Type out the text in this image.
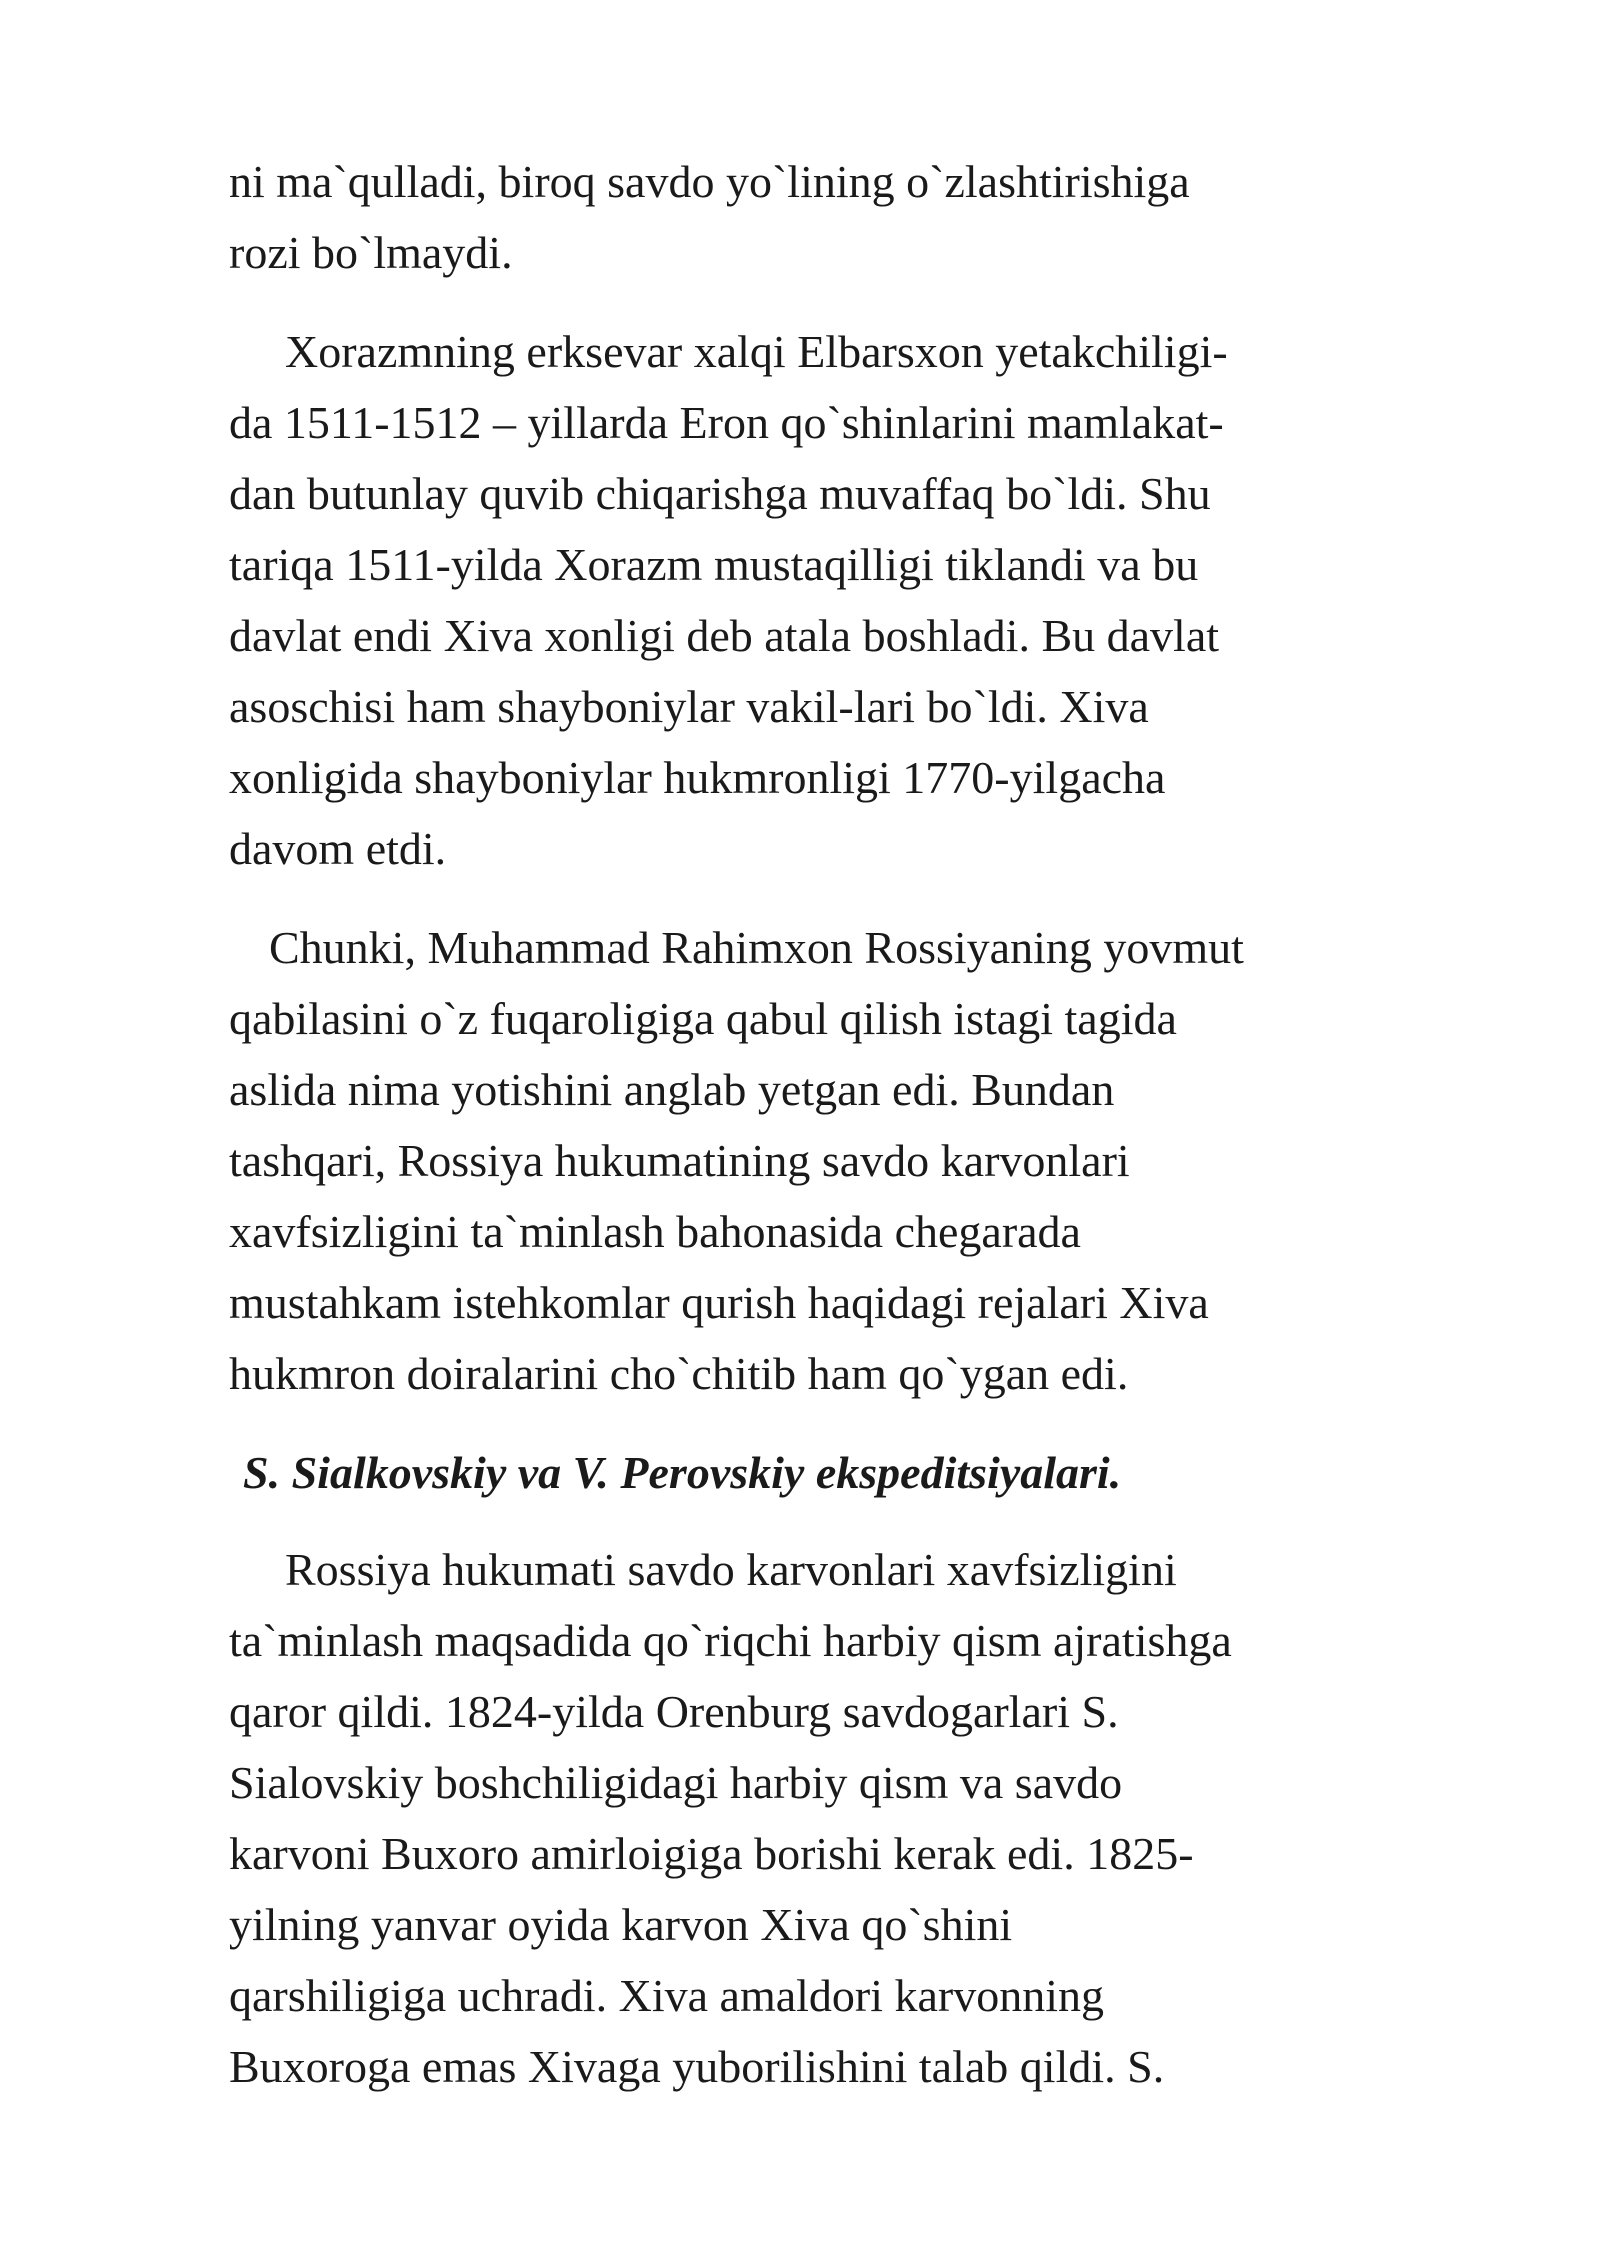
ni ma`qulladi, biroq savdo yo`lining o`zlashtirishiga
rozi bo`lmaydi.
Xorazmning erksevar xalqi Elbarsxon yetakchiligi-
da 1511-1512 – yillarda Eron qo`shinlarini mamlakat-
dan butunlay quvib chiqarishga muvaffaq bo`ldi. Shu
tariqa 1511-yilda Xorazm mustaqilligi tiklandi va bu
davlat endi Xiva xonligi deb atala boshladi. Bu davlat
asoschisi ham shayboniylar vakil-lari bo`ldi. Xiva
xonligida shayboniylar hukmronligi 1770-yilgacha
davom etdi.
Chunki, Muhammad Rahimxon Rossiyaning yovmut
qabilasini o`z fuqaroligiga qabul qilish istagi tagida
aslida nima yotishini anglab yetgan edi. Bundan
tashqari, Rossiya hukumatining savdo karvonlari
xavfsizligini ta`minlash bahonasida chegarada
mustahkam istehkomlar qurish haqidagi rejalari Xiva
hukmron doiralarini cho`chitib ham qo`ygan edi.
S. Sialkovskiy va V. Perovskiy ekspeditsiyalari.
Rossiya hukumati savdo karvonlari xavfsizligini
ta`minlash maqsadida qo`riqchi harbiy qism ajratishga
qaror qildi. 1824-yilda Orenburg savdogarlari S.
Sialovskiy boshchiligidagi harbiy qism va savdo
karvoni Buxoro amirloigiga borishi kerak edi. 1825-
yilning yanvar oyida karvon Xiva qo`shini
qarshiligiga uchradi. Xiva amaldori karvonning
Buxoroga emas Xivaga yuborilishini talab qildi. S.
